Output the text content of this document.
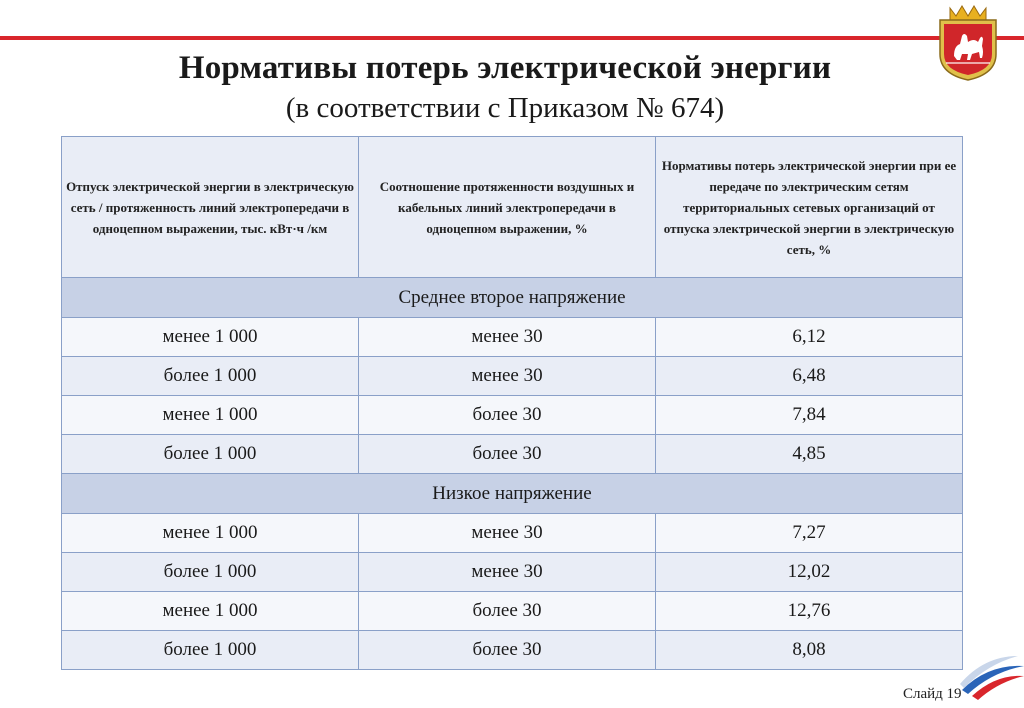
Нормативы потерь электрической энергии
(в соответствии с Приказом № 674)
Отпуск электрической энергии в электрическую сеть / протяженность линий электропередачи в одноцепном выражении, тыс. кВт·ч /км	Соотношение протяженности воздушных и кабельных линий электропередачи в одноцепном выражении, %	Нормативы потерь электрической энергии при ее передаче по электрическим сетям территориальных сетевых организаций от отпуска электрической энергии в электрическую сеть, %
Среднее второе напряжение		
менее 1 000	менее 30	6,12
более 1 000	менее 30	6,48
менее 1 000	более 30	7,84
более 1 000	более 30	4,85
Низкое напряжение		
менее 1 000	менее 30	7,27
более 1 000	менее 30	12,02
менее 1 000	более 30	12,76
более 1 000	более 30	8,08
Слайд 19
